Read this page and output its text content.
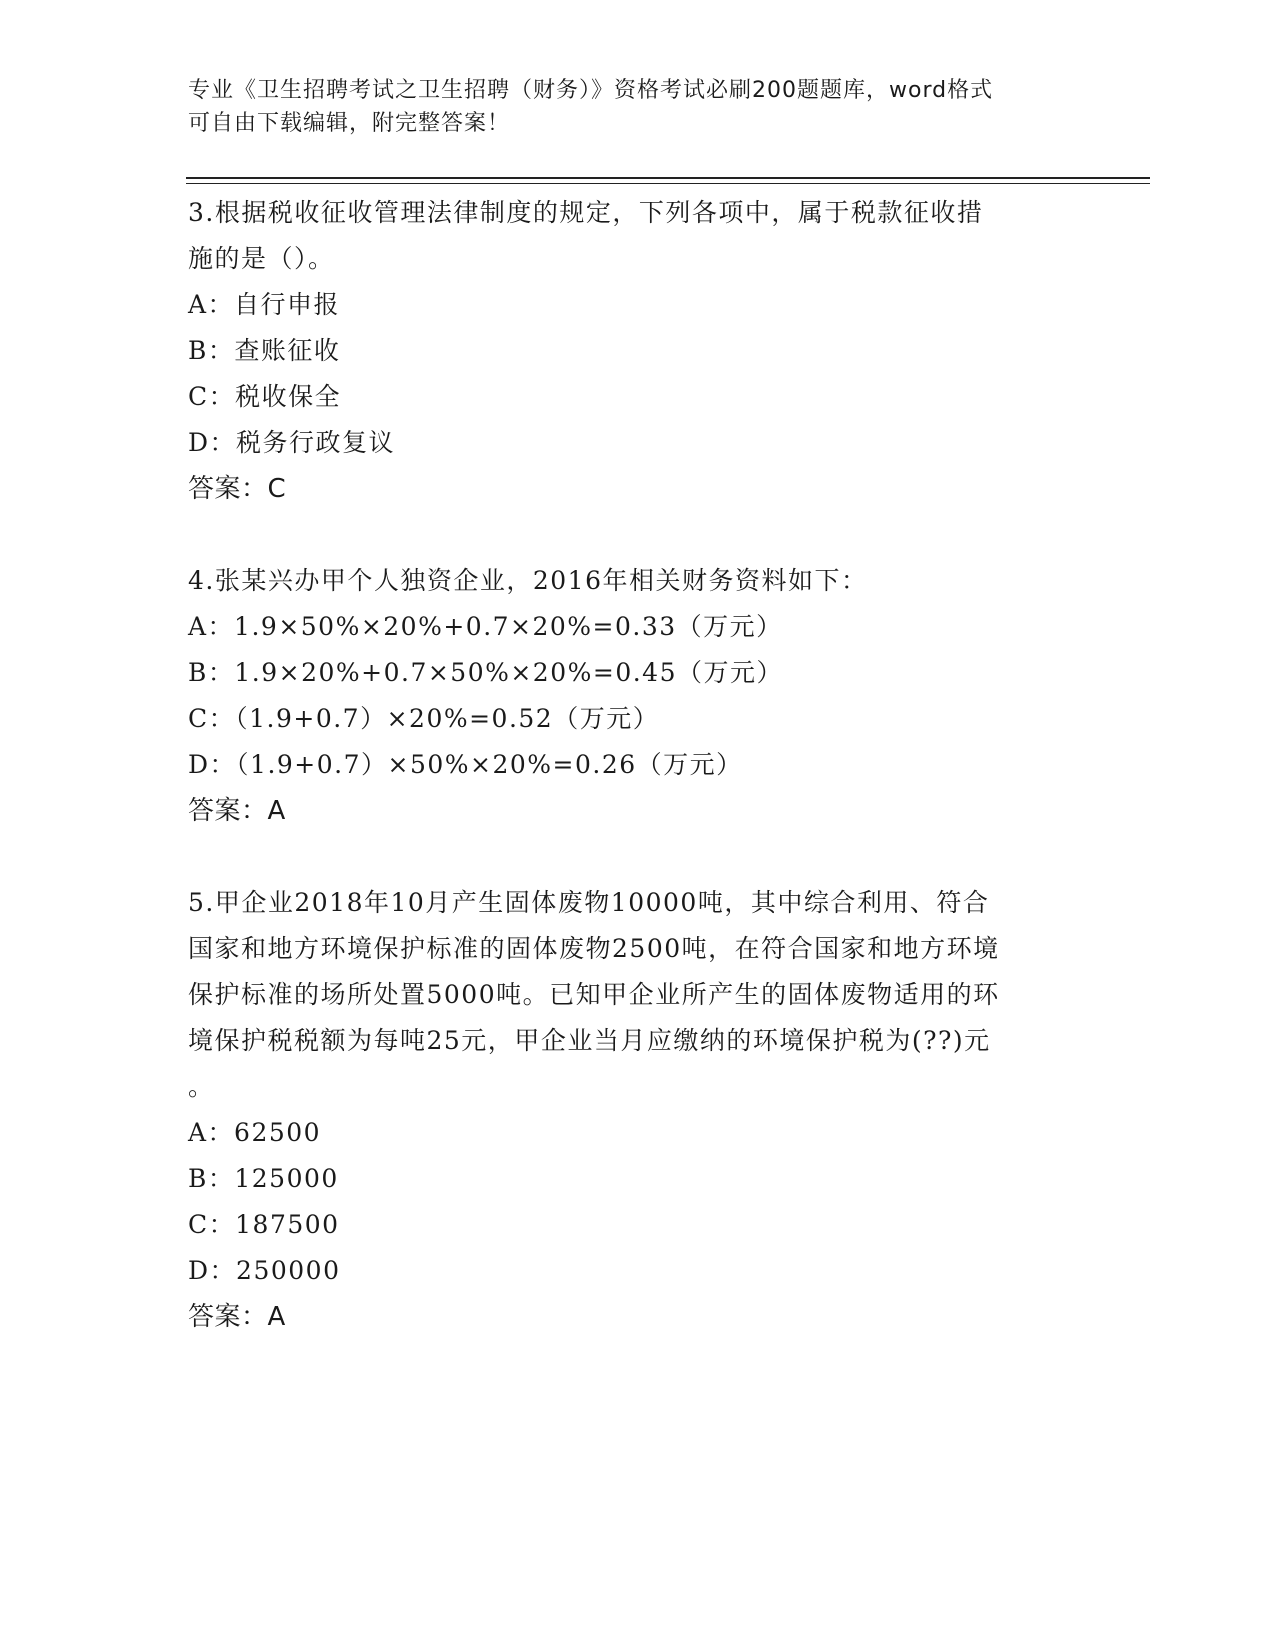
专业《卫生招聘考试之卫生招聘（财务）》资格考试必刷200题题库，word格式
可自由下载编辑，附完整答案！
3.根据税收征收管理法律制度的规定，下列各项中，属于税款征收措
施的是（）。
A：自行申报
B：查账征收
C：税收保全
D：税务行政复议
答案：C
4.张某兴办甲个人独资企业，2016年相关财务资料如下：
A：1.9×50%×20%+0.7×20%=0.33（万元）
B：1.9×20%+0.7×50%×20%=0.45（万元）
C：（1.9+0.7）×20%=0.52（万元）
D：（1.9+0.7）×50%×20%=0.26（万元）
答案：A
5.甲企业2018年10月产生固体废物10000吨，其中综合利用、符合
国家和地方环境保护标准的固体废物2500吨，在符合国家和地方环境
保护标准的场所处置5000吨。已知甲企业所产生的固体废物适用的环
境保护税税额为每吨25元，甲企业当月应缴纳的环境保护税为(??)元
。
A：62500
B：125000
C：187500
D：250000
答案：A
